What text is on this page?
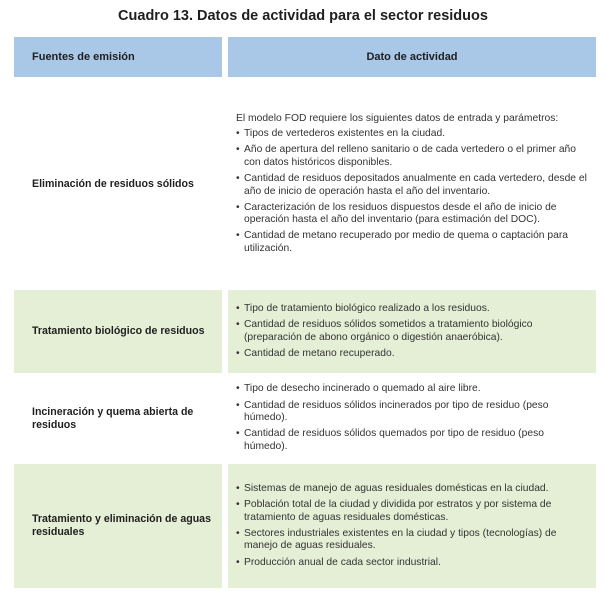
Cuadro 13. Datos de actividad para el sector residuos
Fuentes de emisión	Dato de actividad
Eliminación de residuos sólidos

El modelo FOD requiere los siguientes datos de entrada y parámetros:

• Tipos de vertederos existentes en la ciudad.
• Año de apertura del relleno sanitario o de cada vertedero o el primer año con datos históricos disponibles.
• Cantidad de residuos depositados anualmente en cada vertedero, desde el año de inicio de operación hasta el año del inventario.
• Caracterización de los residuos dispuestos desde el año de inicio de operación hasta el año del inventario (para estimación del DOC).
• Cantidad de metano recuperado por medio de quema o captación para utilización.
Tratamiento biológico de residuos
• Tipo de tratamiento biológico realizado a los residuos.
• Cantidad de residuos sólidos sometidos a tratamiento biológico (preparación de abono orgánico o digestión anaeróbica).
• Cantidad de metano recuperado.
Incineración y quema abierta de residuos
• Tipo de desecho incinerado o quemado al aire libre.
• Cantidad de residuos sólidos incinerados por tipo de residuo (peso húmedo).
• Cantidad de residuos sólidos quemados por tipo de residuo (peso húmedo).
Tratamiento y eliminación de aguas residuales
• Sistemas de manejo de aguas residuales domésticas en la ciudad.
• Población total de la ciudad y dividida por estratos y por sistema de tratamiento de aguas residuales domésticas.
• Sectores industriales existentes en la ciudad y tipos (tecnologías) de manejo de aguas residuales.
• Producción anual de cada sector industrial.
